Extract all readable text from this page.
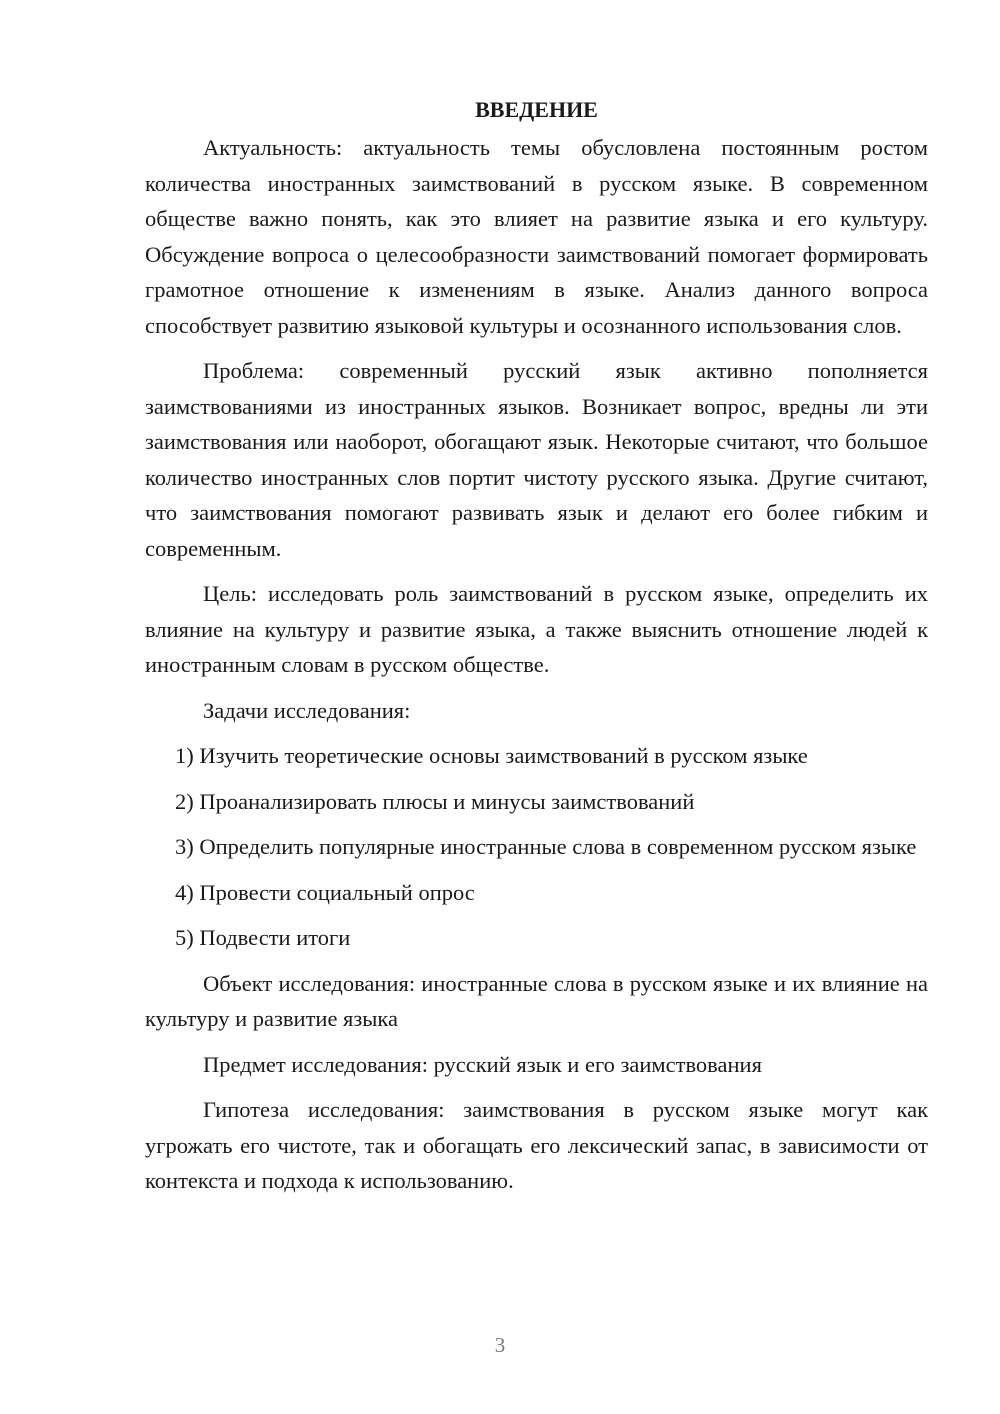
ВВЕДЕНИЕ

Актуальность: актуальность темы обусловлена постоянным ростом количества иностранных заимствований в русском языке. В современном обществе важно понять, как это влияет на развитие языка и его культуру. Обсуждение вопроса о целесообразности заимствований помогает формировать грамотное отношение к изменениям в языке. Анализ данного вопроса способствует развитию языковой культуры и осознанного использования слов.

Проблема: современный русский язык активно пополняется заимствованиями из иностранных языков. Возникает вопрос, вредны ли эти заимствования или наоборот, обогащают язык. Некоторые считают, что большое количество иностранных слов портит чистоту русского языка. Другие считают, что заимствования помогают развивать язык и делают его более гибким и современным.

Цель: исследовать роль заимствований в русском языке, определить их влияние на культуру и развитие языка, а также выяснить отношение людей к иностранным словам в русском обществе.

Задачи исследования:

1) Изучить теоретические основы заимствований в русском языке

2) Проанализировать плюсы и минусы заимствований

3) Определить популярные иностранные слова в современном русском языке

4) Провести социальный опрос

5) Подвести итоги

Объект исследования: иностранные слова в русском языке и их влияние на культуру и развитие языка

Предмет исследования: русский язык и его заимствования

Гипотеза исследования: заимствования в русском языке могут как угрожать его чистоте, так и обогащать его лексический запас, в зависимости от контекста и подхода к использованию.

3
